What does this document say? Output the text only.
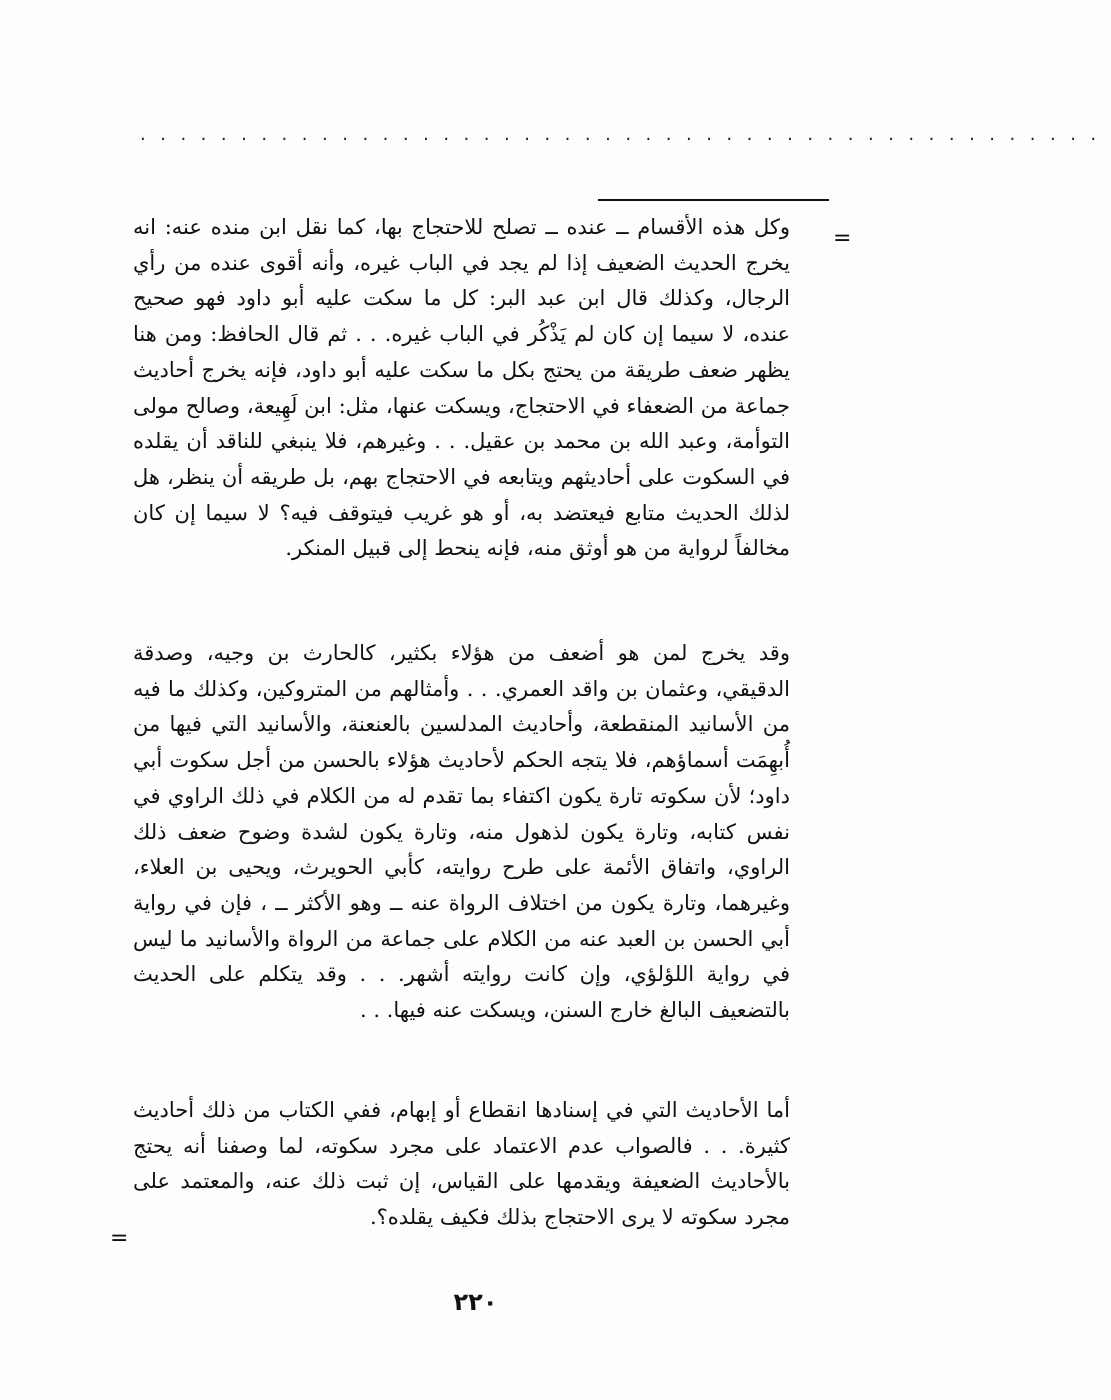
................................................
=
وكل هذه الأقسام ــ عنده ــ تصلح للاحتجاج بها، كما نقل ابن منده عنه: انه يخرج الحديث الضعيف إذا لم يجد في الباب غيره، وأنه أقوى عنده من رأي الرجال، وكذلك قال ابن عبد البر: كل ما سكت عليه أبو داود فهو صحيح عنده، لا سيما إن كان لم يَذْكُر في الباب غيره. . . ثم قال الحافظ: ومن هنا يظهر ضعف طريقة من يحتج بكل ما سكت عليه أبو داود، فإنه يخرج أحاديث جماعة من الضعفاء في الاحتجاج، ويسكت عنها، مثل: ابن لَهِيعة، وصالح مولى التوأمة، وعبد الله بن محمد بن عقيل. . . وغيرهم، فلا ينبغي للناقد أن يقلده في السكوت على أحاديثهم ويتابعه في الاحتجاج بهم، بل طريقه أن ينظر، هل لذلك الحديث متابع فيعتضد به، أو هو غريب فيتوقف فيه؟ لا سيما إن كان مخالفاً لرواية من هو أوثق منه، فإنه ينحط إلى قبيل المنكر.
وقد يخرج لمن هو أضعف من هؤلاء بكثير، كالحارث بن وجيه، وصدقة الدقيقي، وعثمان بن واقد العمري. . . وأمثالهم من المتروكين، وكذلك ما فيه من الأسانيد المنقطعة، وأحاديث المدلسين بالعنعنة، والأسانيد التي فيها من أُبهِمَت أسماؤهم، فلا يتجه الحكم لأحاديث هؤلاء بالحسن من أجل سكوت أبي داود؛ لأن سكوته تارة يكون اكتفاء بما تقدم له من الكلام في ذلك الراوي في نفس كتابه، وتارة يكون لذهول منه، وتارة يكون لشدة وضوح ضعف ذلك الراوي، واتفاق الأئمة على طرح روايته، كأبي الحويرث، ويحيى بن العلاء، وغيرهما، وتارة يكون من اختلاف الرواة عنه ــ وهو الأكثر ــ ، فإن في رواية أبي الحسن بن العبد عنه من الكلام على جماعة من الرواة والأسانيد ما ليس في رواية اللؤلؤي، وإن كانت روايته أشهر. . . وقد يتكلم على الحديث بالتضعيف البالغ خارج السنن، ويسكت عنه فيها. . .
أما الأحاديث التي في إسنادها انقطاع أو إبهام، ففي الكتاب من ذلك أحاديث كثيرة. . . فالصواب عدم الاعتماد على مجرد سكوته، لما وصفنا أنه يحتج بالأحاديث الضعيفة ويقدمها على القياس، إن ثبت ذلك عنه، والمعتمد على مجرد سكوته لا يرى الاحتجاج بذلك فكيف يقلده؟.
=
٢٢٠
